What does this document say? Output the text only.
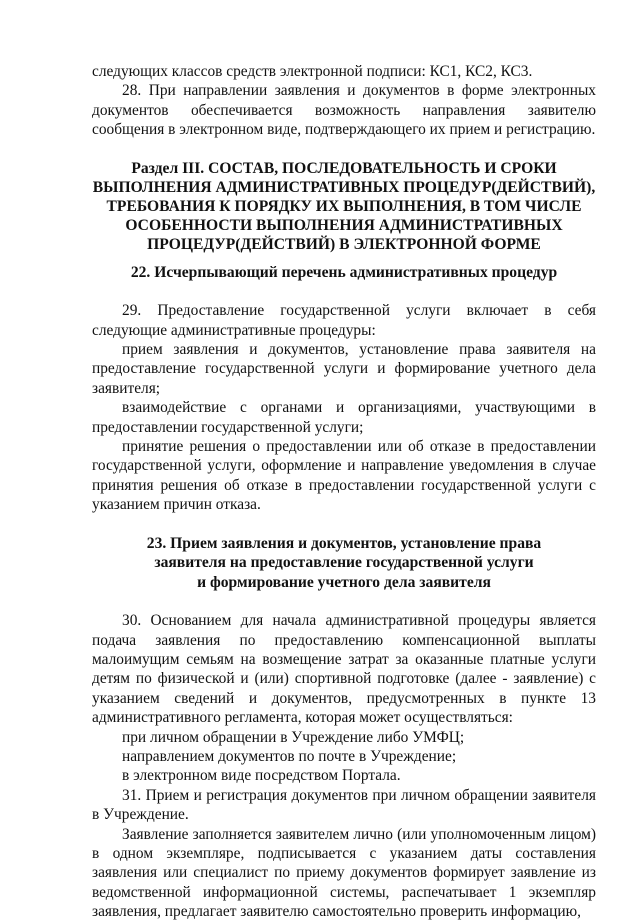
следующих классов средств электронной подписи: КС1, КС2, КС3.

28. При направлении заявления и документов в форме электронных документов обеспечивается возможность направления заявителю сообщения в электронном виде, подтверждающего их прием и регистрацию.

Раздел III. СОСТАВ, ПОСЛЕДОВАТЕЛЬНОСТЬ И СРОКИ
ВЫПОЛНЕНИЯ АДМИНИСТРАТИВНЫХ ПРОЦЕДУР(ДЕЙСТВИЙ),
ТРЕБОВАНИЯ К ПОРЯДКУ ИХ ВЫПОЛНЕНИЯ, В ТОМ ЧИСЛЕ
ОСОБЕННОСТИ ВЫПОЛНЕНИЯ АДМИНИСТРАТИВНЫХ
ПРОЦЕДУР(ДЕЙСТВИЙ) В ЭЛЕКТРОННОЙ ФОРМЕ
22. Исчерпывающий перечень административных процедур

29. Предоставление государственной услуги включает в себя следующие административные процедуры:

прием заявления и документов, установление права заявителя на предоставление государственной услуги и формирование учетного дела заявителя;

взаимодействие с органами и организациями, участвующими в предоставлении государственной услуги;

принятие решения о предоставлении или об отказе в предоставлении государственной услуги, оформление и направление уведомления в случае принятия решения об отказе в предоставлении государственной услуги с указанием причин отказа.

23. Прием заявления и документов, установление права
заявителя на предоставление государственной услуги
и формирование учетного дела заявителя

30. Основанием для начала административной процедуры является подача заявления по предоставлению компенсационной выплаты малоимущим семьям на возмещение затрат за оказанные платные услуги детям по физической и (или) спортивной подготовке (далее - заявление) с указанием сведений и документов, предусмотренных в пункте 13 административного регламента, которая может осуществляться:

при личном обращении в Учреждение либо УМФЦ;

направлением документов по почте в Учреждение;

в электронном виде посредством Портала.

31. Прием и регистрация документов при личном обращении заявителя в Учреждение.

Заявление заполняется заявителем лично (или уполномоченным лицом) в одном экземпляре, подписывается с указанием даты составления заявления или специалист по приему документов формирует заявление из ведомственной информационной системы, распечатывает 1 экземпляр заявления, предлагает заявителю самостоятельно проверить информацию,
